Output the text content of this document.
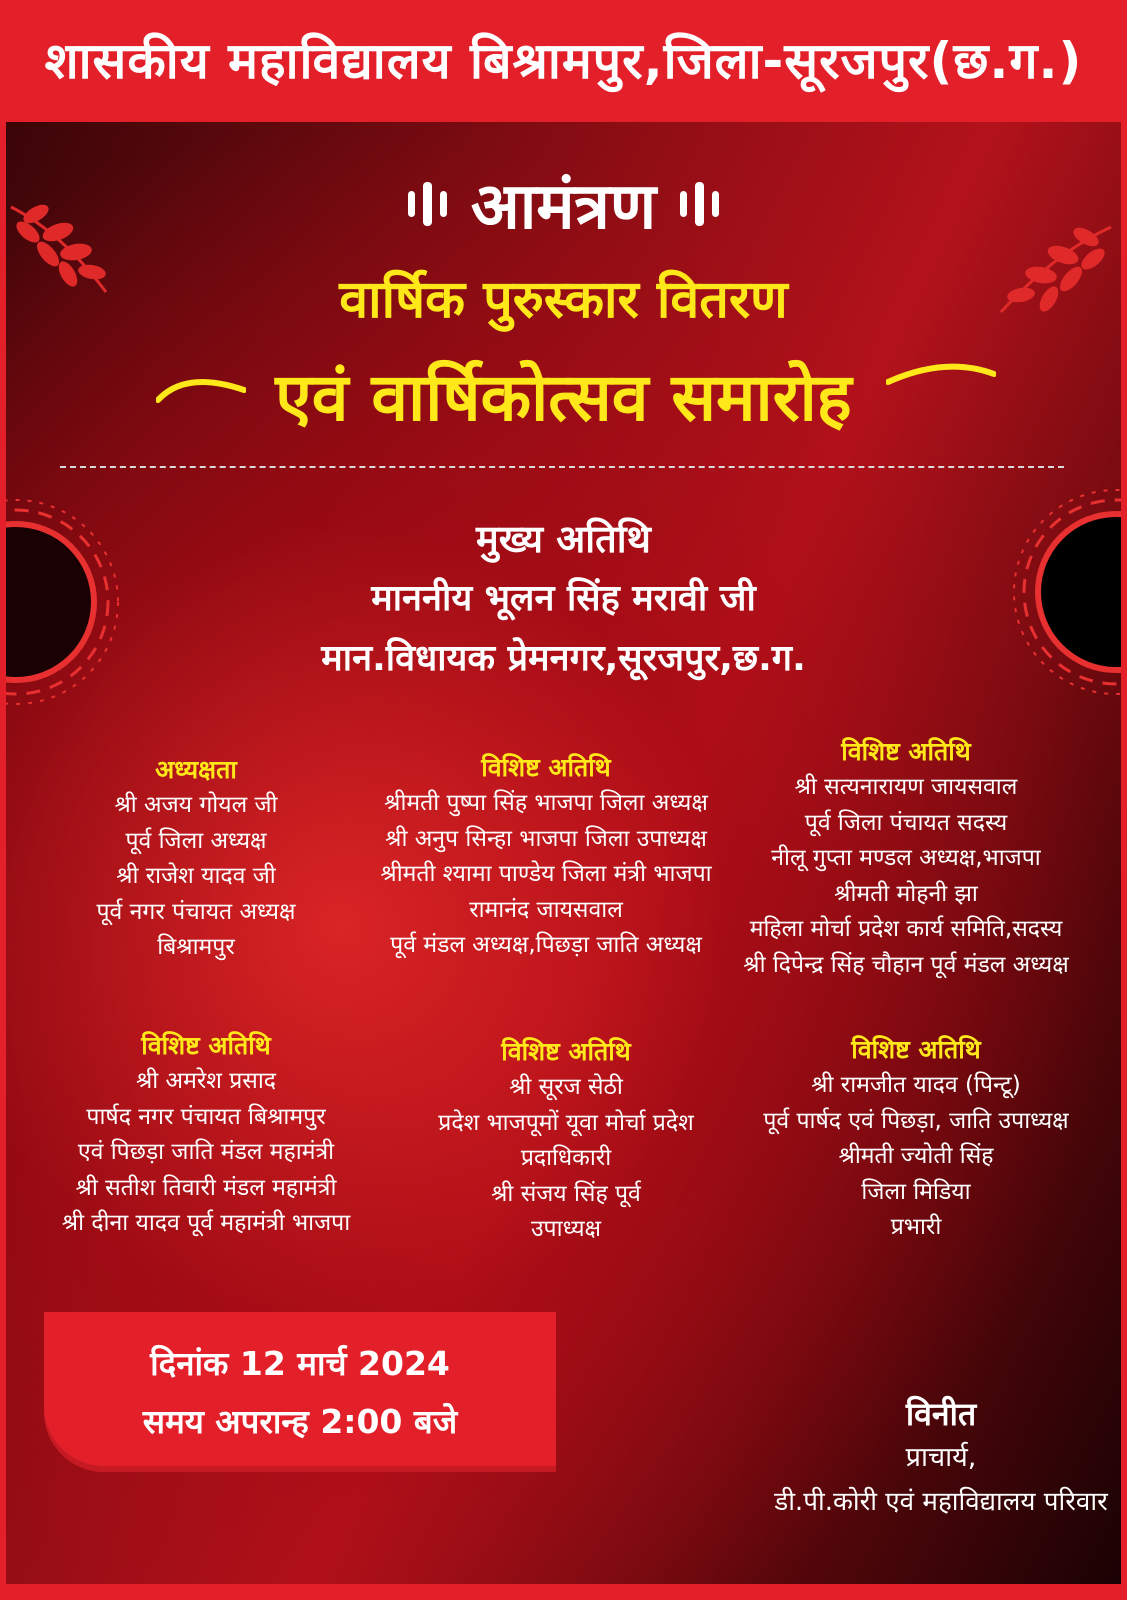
शासकीय महाविद्यालय बिश्रामपुर,जिला-सूरजपुर(छ.ग.)
आमंत्रण
वार्षिक पुरुस्कार वितरण
एवं वार्षिकोत्सव समारोह
मुख्य अतिथि
माननीय भूलन सिंह मरावी जी
मान.विधायक प्रेमनगर,सूरजपुर,छ.ग.
अध्यक्षता
श्री अजय गोयल जी
पूर्व जिला अध्यक्ष
श्री राजेश यादव जी
पूर्व नगर पंचायत अध्यक्ष
बिश्रामपुर
विशिष्ट अतिथि
श्रीमती पुष्पा सिंह भाजपा जिला अध्यक्ष
श्री अनुप सिन्हा भाजपा जिला उपाध्यक्ष
श्रीमती श्यामा पाण्डेय जिला मंत्री भाजपा
रामानंद जायसवाल
पूर्व मंडल अध्यक्ष,पिछड़ा जाति अध्यक्ष
विशिष्ट अतिथि
श्री सत्यनारायण जायसवाल
पूर्व जिला पंचायत सदस्य
नीलू गुप्ता मण्डल अध्यक्ष,भाजपा
श्रीमती मोहनी झा
महिला मोर्चा प्रदेश कार्य समिति,सदस्य
श्री दिपेन्द्र सिंह चौहान पूर्व मंडल अध्यक्ष
विशिष्ट अतिथि
श्री अमरेश प्रसाद
पार्षद नगर पंचायत बिश्रामपुर
एवं पिछड़ा जाति मंडल महामंत्री
श्री सतीश तिवारी मंडल महामंत्री
श्री दीना यादव पूर्व महामंत्री भाजपा
विशिष्ट अतिथि
श्री सूरज सेठी
प्रदेश भाजपूमों यूवा मोर्चा प्रदेश
प्रदाधिकारी
श्री संजय सिंह पूर्व
उपाध्यक्ष
विशिष्ट अतिथि
श्री रामजीत यादव (पिन्टू)
पूर्व पार्षद एवं पिछड़ा, जाति उपाध्यक्ष
श्रीमती ज्योती सिंह
जिला मिडिया
प्रभारी
दिनांक 12 मार्च 2024
समय अपरान्ह 2:00 बजे	विनीत
प्राचार्य,
डी.पी.कोरी एवं महाविद्यालय परिवार
